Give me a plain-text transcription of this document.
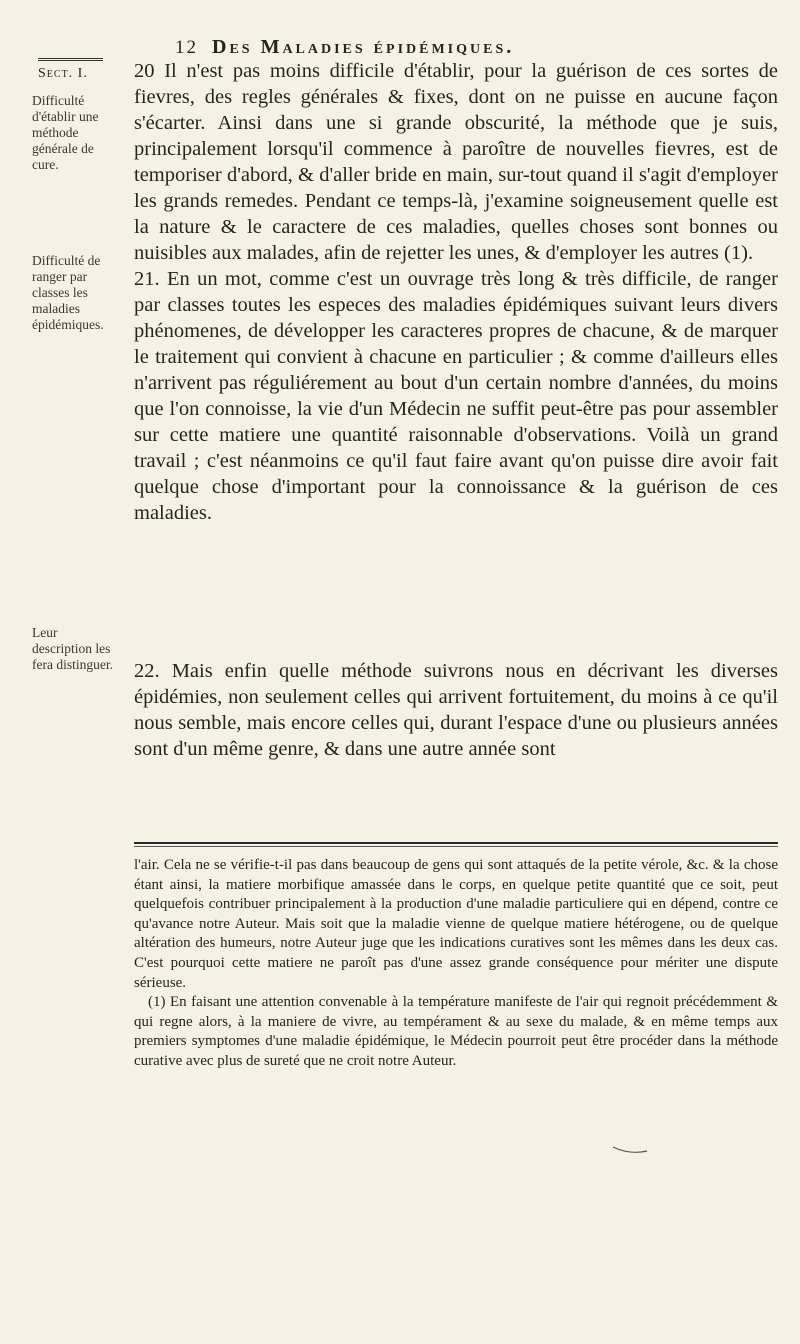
12 Des Maladies épidémiques.
Sect. I.
Difficulté d'établir une méthode générale de cure.
Difficulté de ranger par classes les maladies épidémiques.
Leur description les fera distinguer.

20 Il n'est pas moins difficile d'établir, pour la guérison de ces sortes de fievres, des regles générales & fixes, dont on ne puisse en aucune façon s'écarter. Ainsi dans une si grande obscurité, la méthode que je suis, principalement lorsqu'il commence à paroître de nouvelles fievres, est de temporiser d'abord, & d'aller bride en main, sur-tout quand il s'agit d'employer les grands remedes. Pendant ce temps-là, j'examine soigneusement quelle est la nature & le caractere de ces maladies, quelles choses sont bonnes ou nuisibles aux malades, afin de rejetter les unes, & d'employer les autres (1).

21. En un mot, comme c'est un ouvrage très long & très difficile, de ranger par classes toutes les especes des maladies épidémiques suivant leurs divers phénomenes, de développer les caracteres propres de chacune, & de marquer le traitement qui convient à chacune en particulier ; & comme d'ailleurs elles n'arrivent pas réguliérement au bout d'un certain nombre d'années, du moins que l'on connoisse, la vie d'un Médecin ne suffit peut-être pas pour assembler sur cette matiere une quantité raisonnable d'observations. Voilà un grand travail ; c'est néanmoins ce qu'il faut faire avant qu'on puisse dire avoir fait quelque chose d'important pour la connoissance & la guérison de ces maladies.

22. Mais enfin quelle méthode suivrons nous en décrivant les diverses épidémies, non seulement celles qui arrivent fortuitement, du moins à ce qu'il nous semble, mais encore celles qui, durant l'espace d'une ou plusieurs années sont d'un même genre, & dans une autre année sont

l'air. Cela ne se vérifie-t-il pas dans beaucoup de gens qui sont attaqués de la petite vérole, &c. & la chose étant ainsi, la matiere morbifique amassée dans le corps, en quelque petite quantité que ce soit, peut quelquefois contribuer principalement à la production d'une maladie particuliere qui en dépend, contre ce qu'avance notre Auteur. Mais soit que la maladie vienne de quelque matiere hétérogene, ou de quelque altération des humeurs, notre Auteur juge que les indications curatives sont les mêmes dans les deux cas. C'est pourquoi cette matiere ne paroît pas d'une assez grande conséquence pour mériter une dispute sérieuse.

(1) En faisant une attention convenable à la température manifeste de l'air qui regnoit précédemment & qui regne alors, à la maniere de vivre, au tempérament & au sexe du malade, & en même temps aux premiers symptomes d'une maladie épidémique, le Médecin pourroit peut être procéder dans la méthode curative avec plus de sureté que ne croit notre Auteur.
